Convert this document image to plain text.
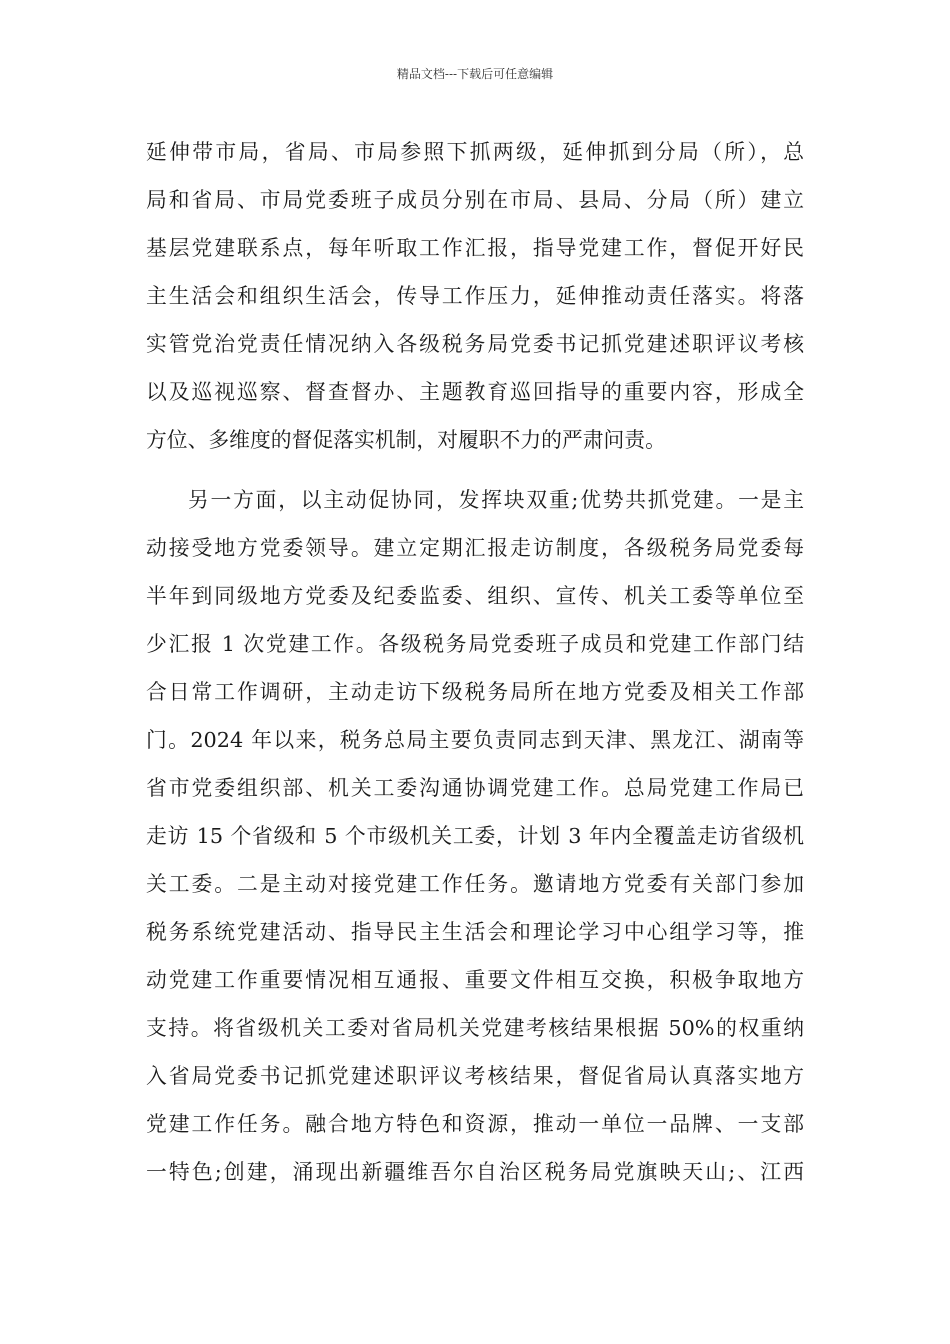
精品文档---下载后可任意编辑
延伸带市局，省局、市局参照下抓两级，延伸抓到分局（所），总
局和省局、市局党委班子成员分别在市局、县局、分局（所）建立
基层党建联系点，每年听取工作汇报，指导党建工作，督促开好民
主生活会和组织生活会，传导工作压力，延伸推动责任落实。将落
实管党治党责任情况纳入各级税务局党委书记抓党建述职评议考核
以及巡视巡察、督查督办、主题教育巡回指导的重要内容，形成全
方位、多维度的督促落实机制，对履职不力的严肃问责。
另一方面，以主动促协同，发挥块双重;优势共抓党建。一是主
动接受地方党委领导。建立定期汇报走访制度，各级税务局党委每
半年到同级地方党委及纪委监委、组织、宣传、机关工委等单位至
少汇报 1 次党建工作。各级税务局党委班子成员和党建工作部门结
合日常工作调研，主动走访下级税务局所在地方党委及相关工作部
门。2024 年以来，税务总局主要负责同志到天津、黑龙江、湖南等
省市党委组织部、机关工委沟通协调党建工作。总局党建工作局已
走访 15 个省级和 5 个市级机关工委，计划 3 年内全覆盖走访省级机
关工委。二是主动对接党建工作任务。邀请地方党委有关部门参加
税务系统党建活动、指导民主生活会和理论学习中心组学习等，推
动党建工作重要情况相互通报、重要文件相互交换，积极争取地方
支持。将省级机关工委对省局机关党建考核结果根据 50%的权重纳
入省局党委书记抓党建述职评议考核结果，督促省局认真落实地方
党建工作任务。融合地方特色和资源，推动一单位一品牌、一支部
一特色;创建，涌现出新疆维吾尔自治区税务局党旗映天山;、江西
